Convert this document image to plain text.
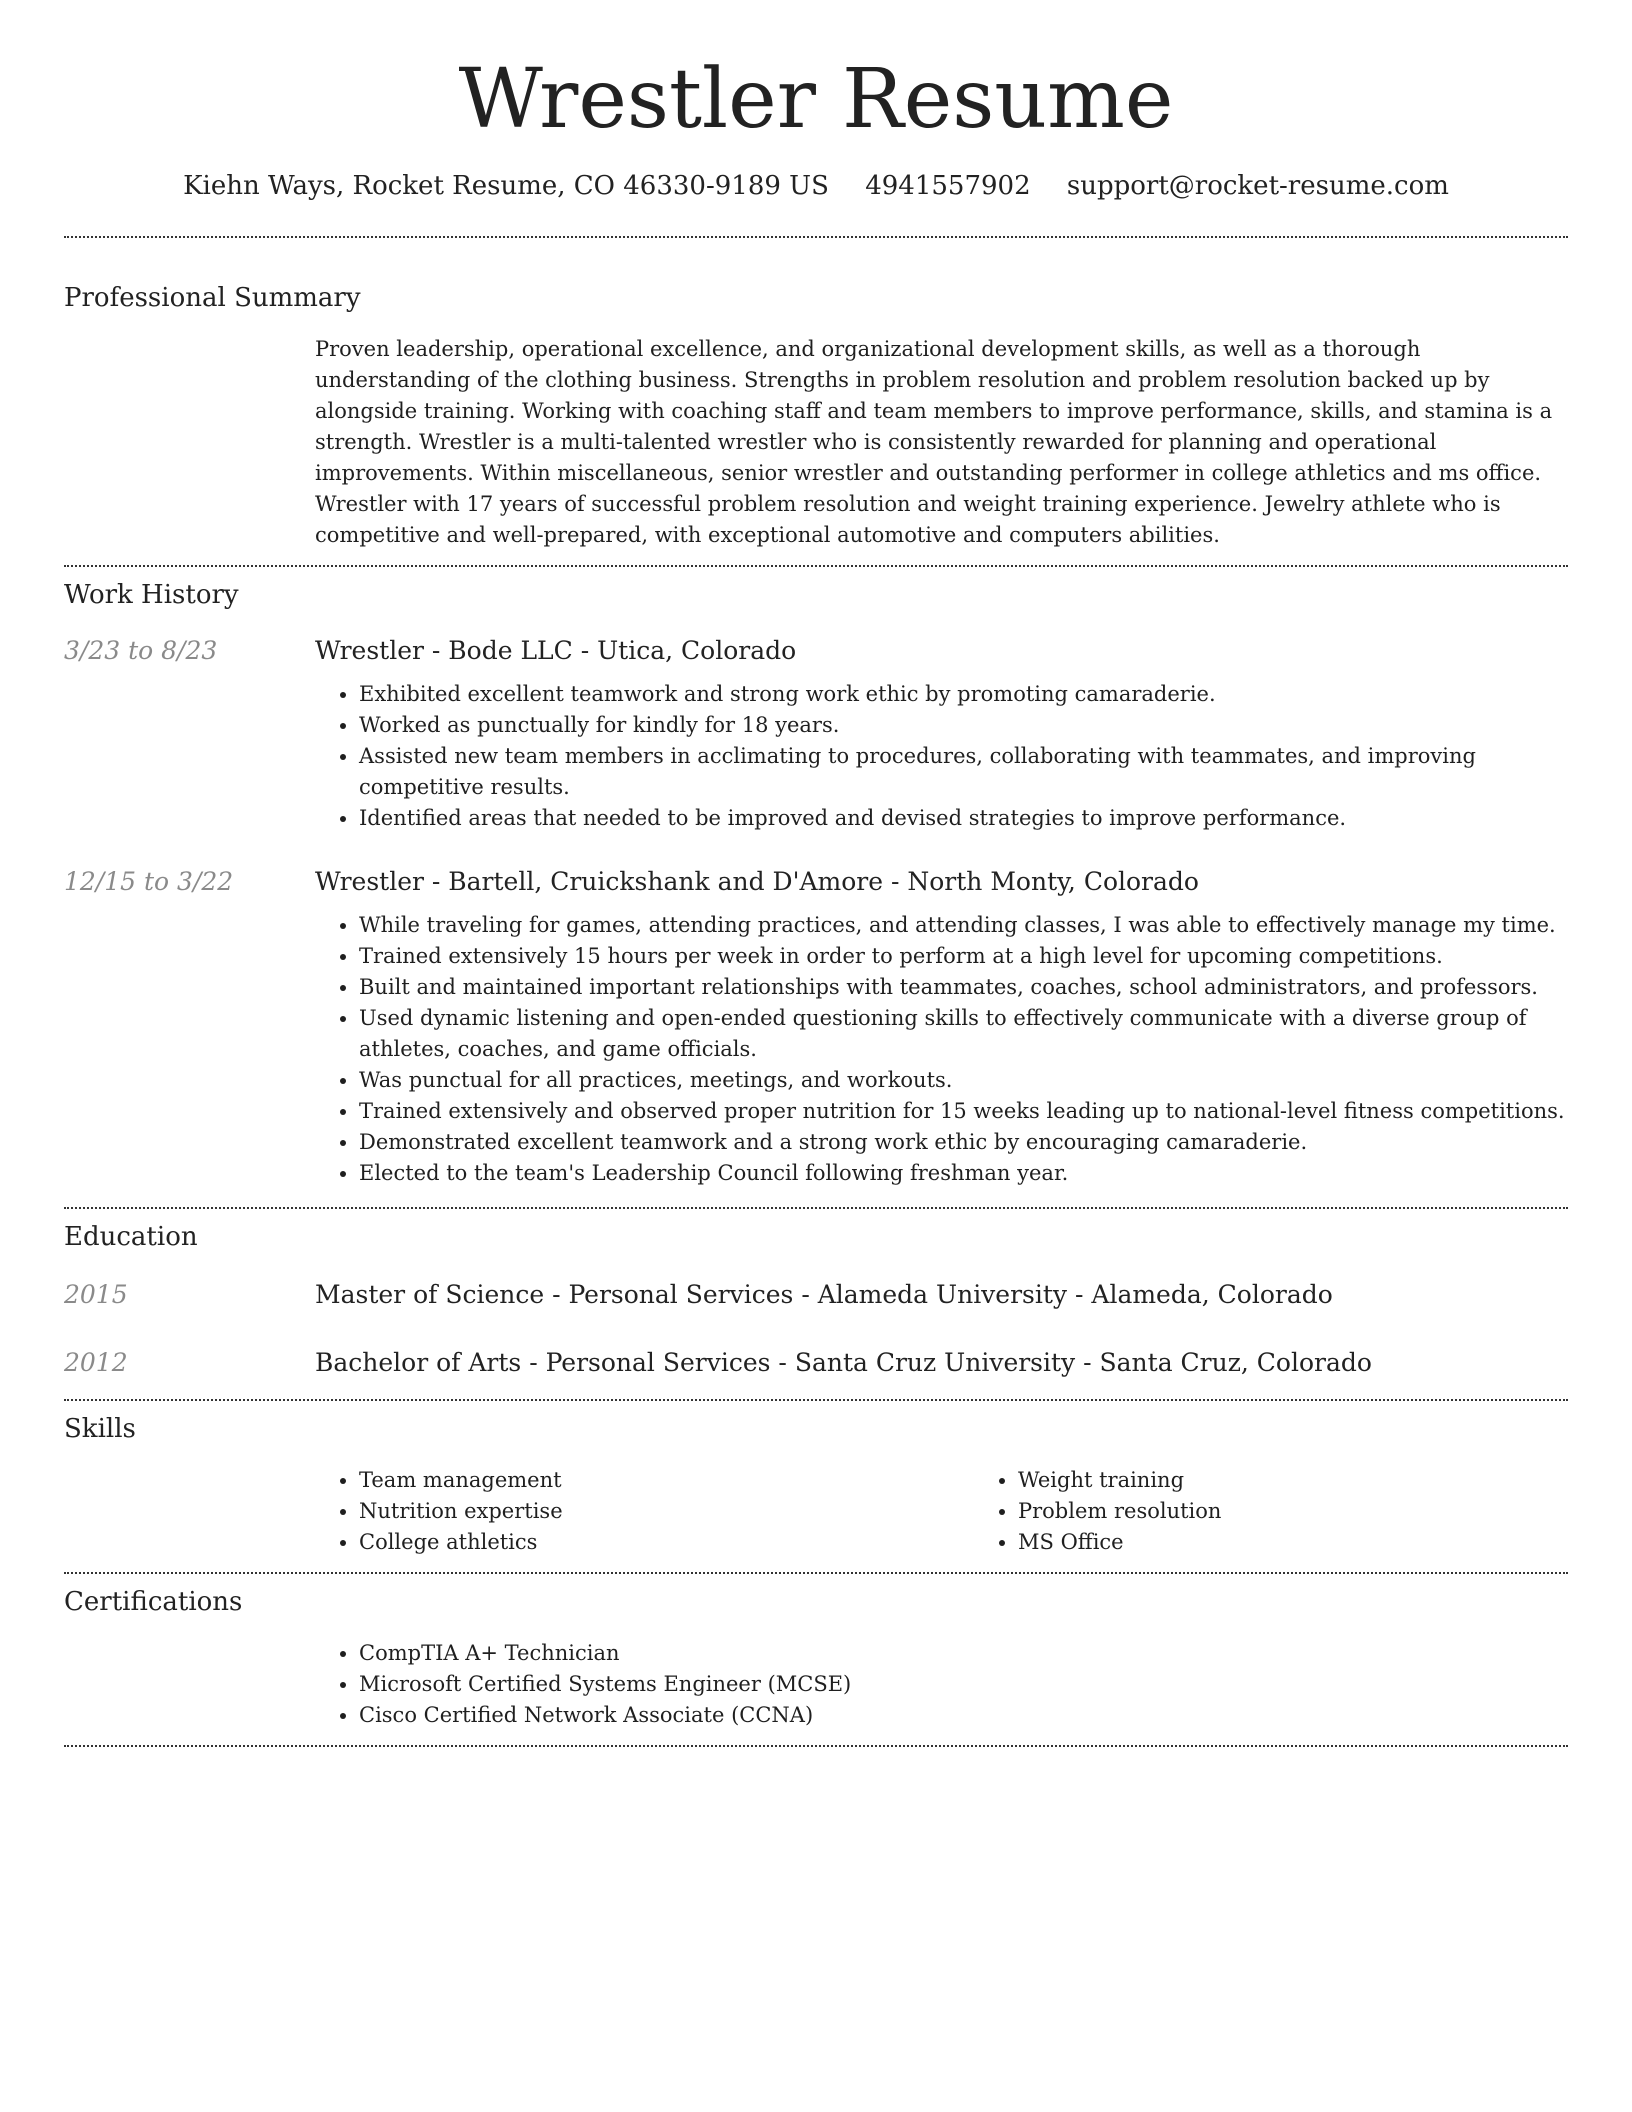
Wrestler Resume
Kiehn Ways, Rocket Resume, CO 46330-9189 US 4941557902 support@rocket-resume.com
Professional Summary

Proven leadership, operational excellence, and organizational development skills, as well as a thorough understanding of the clothing business. Strengths in problem resolution and problem resolution backed up by alongside training. Working with coaching staff and team members to improve performance, skills, and stamina is a strength. Wrestler is a multi-talented wrestler who is consistently rewarded for planning and operational improvements. Within miscellaneous, senior wrestler and outstanding performer in college athletics and ms office. Wrestler with 17 years of successful problem resolution and weight training experience. Jewelry athlete who is competitive and well-prepared, with exceptional automotive and computers abilities.

Work History
3/23 to 8/23	Wrestler - Bode LLC - Utica, Colorado
• Exhibited excellent teamwork and strong work ethic by promoting camaraderie.
• Worked as punctually for kindly for 18 years.
• Assisted new team members in acclimating to procedures, collaborating with teammates, and improving competitive results.
• Identified areas that needed to be improved and devised strategies to improve performance.
12/15 to 3/22	Wrestler - Bartell, Cruickshank and D'Amore - North Monty, Colorado
• While traveling for games, attending practices, and attending classes, I was able to effectively manage my time.
• Trained extensively 15 hours per week in order to perform at a high level for upcoming competitions.
• Built and maintained important relationships with teammates, coaches, school administrators, and professors.
• Used dynamic listening and open-ended questioning skills to effectively communicate with a diverse group of athletes, coaches, and game officials.
• Was punctual for all practices, meetings, and workouts.
• Trained extensively and observed proper nutrition for 15 weeks leading up to national-level fitness competitions.
• Demonstrated excellent teamwork and a strong work ethic by encouraging camaraderie.
• Elected to the team's Leadership Council following freshman year.
Education
2015	Master of Science - Personal Services - Alameda University - Alameda, Colorado
2012	Bachelor of Arts - Personal Services - Santa Cruz University - Santa Cruz, Colorado
Skills
• Team management
• Nutrition expertise
• College athletics
• Weight training
• Problem resolution
• MS Office
Certifications
• CompTIA A+ Technician
• Microsoft Certified Systems Engineer (MCSE)
• Cisco Certified Network Associate (CCNA)
